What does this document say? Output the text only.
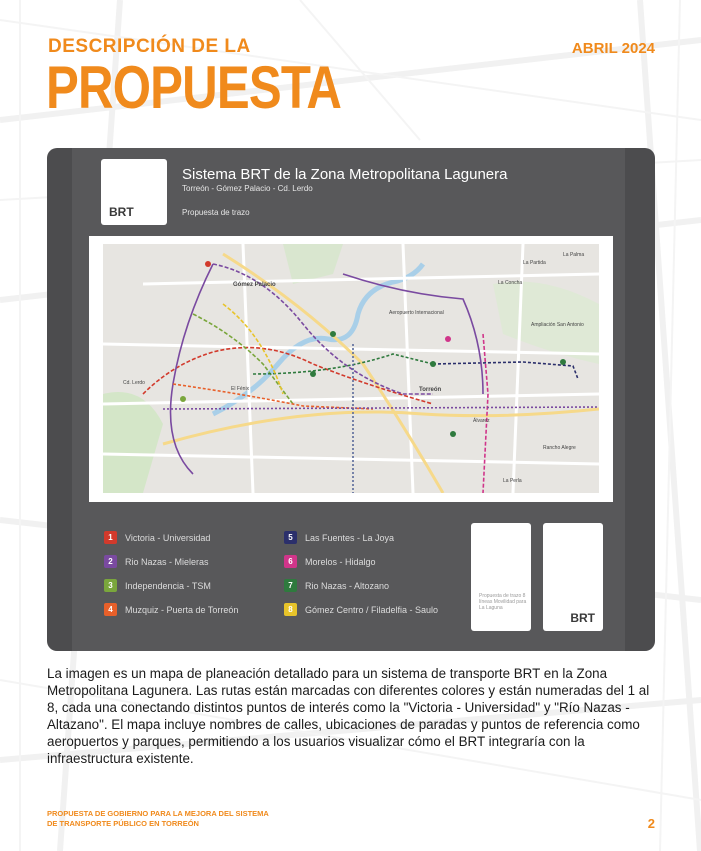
DESCRIPCIÓN DE LA
PROPUESTA
ABRIL 2024
BRT
Sistema BRT de la Zona Metropolitana Lagunera
Torreón - Gómez Palacio - Cd. Lerdo
Propuesta de trazo
Gómez Palacio
Torreón
Cd. Lerdo
La Partida
El Fénix
La Concha
Aeropuerto Internacional
Álvarez
Ampliación San Antonio
Rancho Alegre
La Perla
La Palma
1	Victoria - Universidad
2	Rio Nazas - Mieleras
3	Independencia - TSM
4	Muzquiz - Puerta de Torreón
5	Las Fuentes - La Joya
6	Morelos - Hidalgo
7	Rio Nazas - Altozano
8	Gómez Centro / Filadelfia - Saulo
Propuesta de trazo 8 líneas Movilidad para La Laguna
BRT
La imagen es un mapa de planeación detallado para un sistema de transporte BRT en la Zona Metropolitana Lagunera. Las rutas están marcadas con diferentes colores y están numeradas del 1 al 8, cada una conectando distintos puntos de interés como la "Victoria - Universidad" y "Río Nazas - Altazano". El mapa incluye nombres de calles, ubicaciones de paradas y puntos de referencia como aeropuertos y parques, permitiendo a los usuarios visualizar cómo el BRT integraría con la infraestructura existente.
PROPUESTA DE GOBIERNO PARA LA MEJORA DEL SISTEMA
DE TRANSPORTE PÚBLICO EN TORREÓN	2
